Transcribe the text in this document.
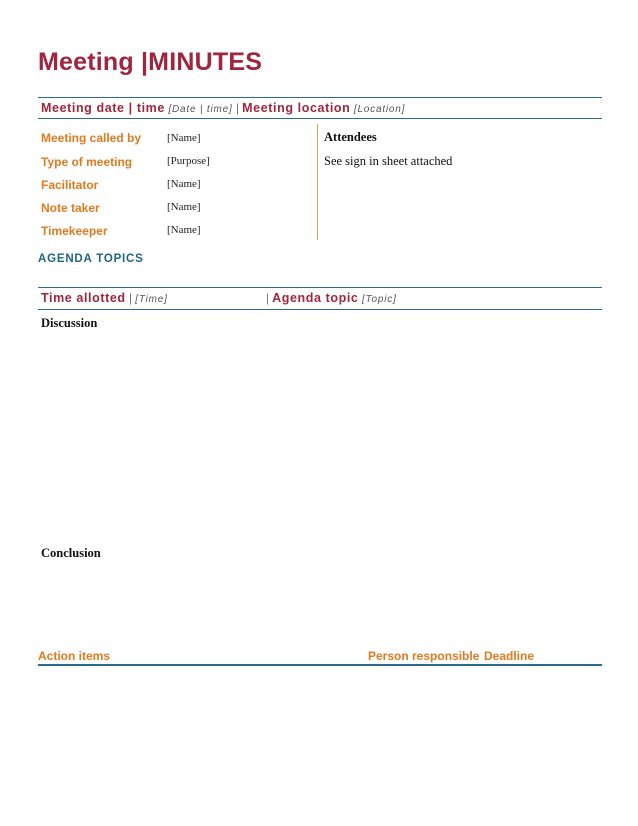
Meeting |MINUTES
Meeting date | time [Date | time] | Meeting location [Location]
Meeting called by [Name]
Type of meeting	[Purpose]
Facilitator	[Name]
Note taker	[Name]
Timekeeper	[Name]
Attendees
See sign in sheet attached
AGENDA TOPICS
Time allotted | [Time]	| Agenda topic [Topic]
Discussion
Conclusion
Action items	Person responsible Deadline
